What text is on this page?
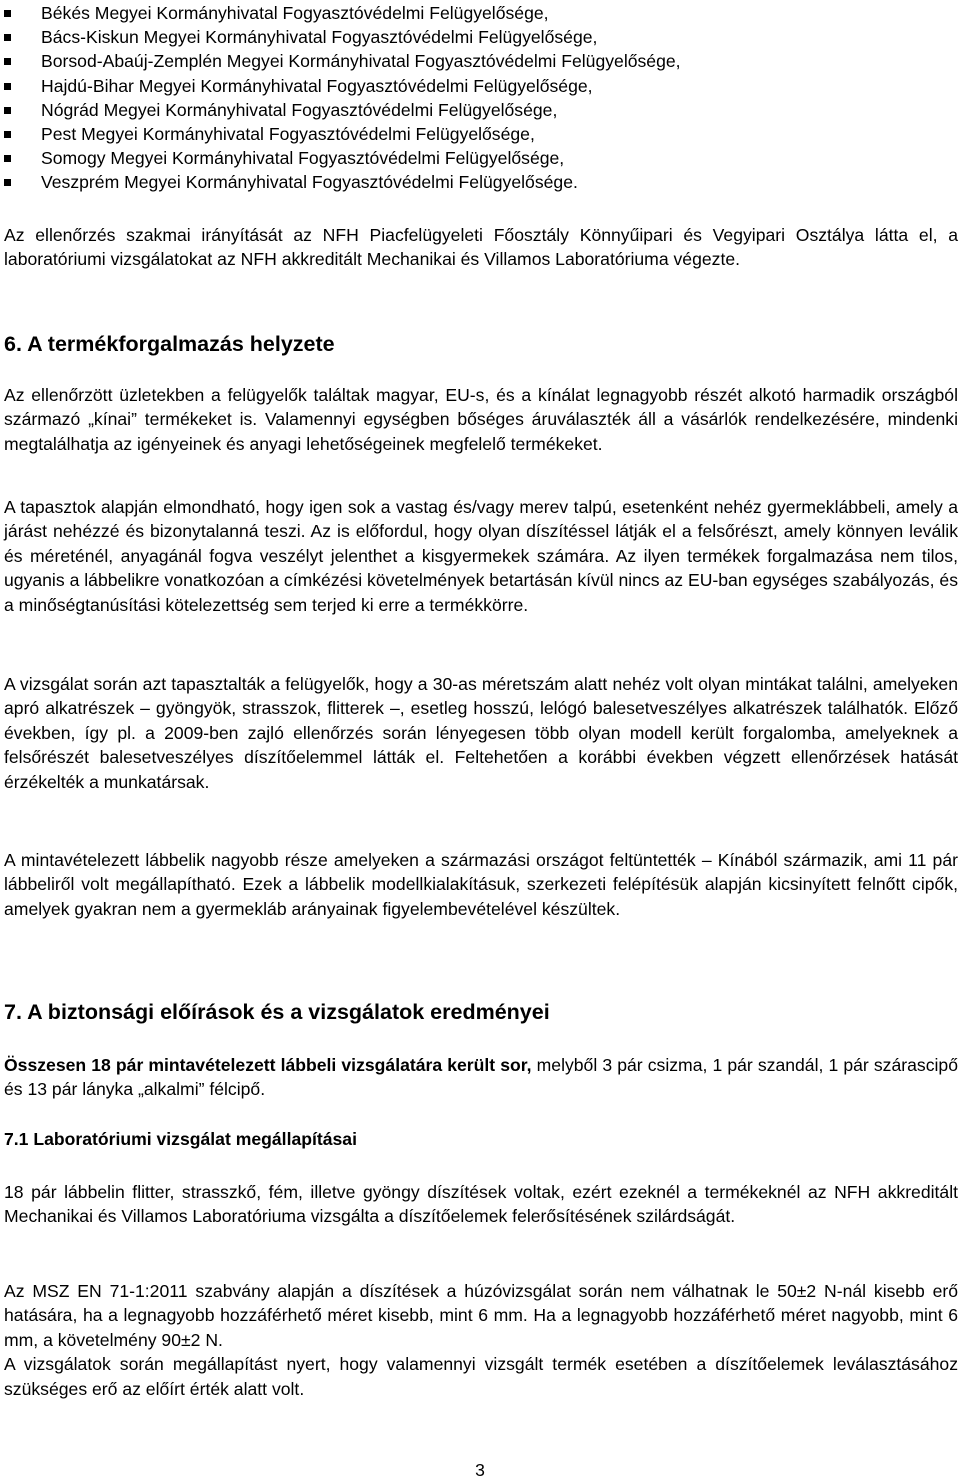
Békés Megyei Kormányhivatal Fogyasztóvédelmi Felügyelősége,
Bács-Kiskun Megyei Kormányhivatal Fogyasztóvédelmi Felügyelősége,
Borsod-Abaúj-Zemplén Megyei Kormányhivatal Fogyasztóvédelmi Felügyelősége,
Hajdú-Bihar Megyei Kormányhivatal Fogyasztóvédelmi Felügyelősége,
Nógrád Megyei Kormányhivatal Fogyasztóvédelmi Felügyelősége,
Pest Megyei Kormányhivatal Fogyasztóvédelmi Felügyelősége,
Somogy Megyei Kormányhivatal Fogyasztóvédelmi Felügyelősége,
Veszprém Megyei Kormányhivatal Fogyasztóvédelmi Felügyelősége.

Az ellenőrzés szakmai irányítását az NFH Piacfelügyeleti Főosztály Könnyűipari és Vegyipari Osztálya látta el, a laboratóriumi vizsgálatokat az NFH akkreditált Mechanikai és Villamos Laboratóriuma végezte.

6. A termékforgalmazás helyzete

Az ellenőrzött üzletekben a felügyelők találtak magyar, EU-s, és a kínálat legnagyobb részét alkotó harmadik országból származó „kínai” termékeket is. Valamennyi egységben bőséges áruválaszték áll a vásárlók rendelkezésére, mindenki megtalálhatja az igényeinek és anyagi lehetőségeinek megfelelő termékeket.

A tapasztok alapján elmondható, hogy igen sok a vastag és/vagy merev talpú, esetenként nehéz gyermeklábbeli, amely a járást nehézzé és bizonytalanná teszi. Az is előfordul, hogy olyan díszítéssel látják el a felsőrészt, amely könnyen leválik és méreténél, anyagánál fogva veszélyt jelenthet a kisgyermekek számára. Az ilyen termékek forgalmazása nem tilos, ugyanis a lábbelikre vonatkozóan a címkézési követelmények betartásán kívül nincs az EU-ban egységes szabályozás, és a minőségtanúsítási kötelezettség sem terjed ki erre a termékkörre.

A vizsgálat során azt tapasztalták a felügyelők, hogy a 30-as méretszám alatt nehéz volt olyan mintákat találni, amelyeken apró alkatrészek – gyöngyök, strasszok, flitterek –, esetleg hosszú, lelógó balesetveszélyes alkatrészek találhatók. Előző években, így pl. a 2009-ben zajló ellenőrzés során lényegesen több olyan modell került forgalomba, amelyeknek a felsőrészét balesetveszélyes díszítőelemmel látták el. Feltehetően a korábbi években végzett ellenőrzések hatását érzékelték a munkatársak.

A mintavételezett lábbelik nagyobb része amelyeken a származási országot feltüntették – Kínából származik, ami 11 pár lábbeliről volt megállapítható. Ezek a lábbelik modellkialakításuk, szerkezeti felépítésük alapján kicsinyített felnőtt cipők, amelyek gyakran nem a gyermekláb arányainak figyelembevételével készültek.

7. A biztonsági előírások és a vizsgálatok eredményei

Összesen 18 pár mintavételezett lábbeli vizsgálatára került sor, melyből 3 pár csizma, 1 pár szandál, 1 pár szárascipő és 13 pár lányka „alkalmi” félcipő.

7.1 Laboratóriumi vizsgálat megállapításai

18 pár lábbelin flitter, strasszkő, fém, illetve gyöngy díszítések voltak, ezért ezeknél a termékeknél az NFH akkreditált Mechanikai és Villamos Laboratóriuma vizsgálta a díszítőelemek felerősítésének szilárdságát.

Az MSZ EN 71-1:2011 szabvány alapján a díszítések a húzóvizsgálat során nem válhatnak le 50±2 N-nál kisebb erő hatására, ha a legnagyobb hozzáférhető méret kisebb, mint 6 mm. Ha a legnagyobb hozzáférhető méret nagyobb, mint 6 mm, a követelmény 90±2 N.

A vizsgálatok során megállapítást nyert, hogy valamennyi vizsgált termék esetében a díszítőelemek leválasztásához szükséges erő az előírt érték alatt volt.

3
